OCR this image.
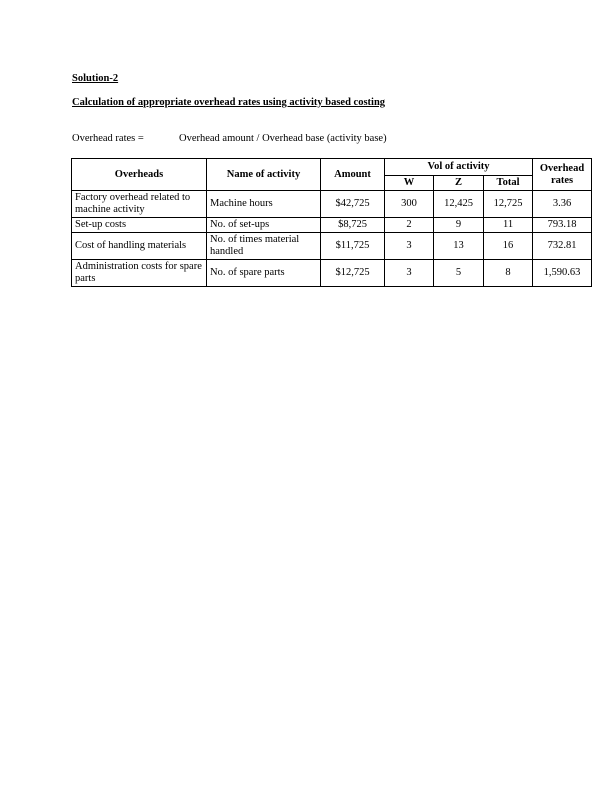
Solution-2
Calculation of appropriate overhead rates using activity based costing
Overhead rates =	Overhead amount / Overhead base (activity base)
Overheads	Name of activity	Amount	Vol of activity			Overhead rates
			W	Z	Total	
Factory overhead related to machine activity	Machine hours	$42,725	300	12,425	12,725	3.36
Set-up costs	No. of set-ups	$8,725	2	9	11	793.18
Cost of handling materials	No. of times material handled	$11,725	3	13	16	732.81
Administration costs for spare parts	No. of spare parts	$12,725	3	5	8	1,590.63
